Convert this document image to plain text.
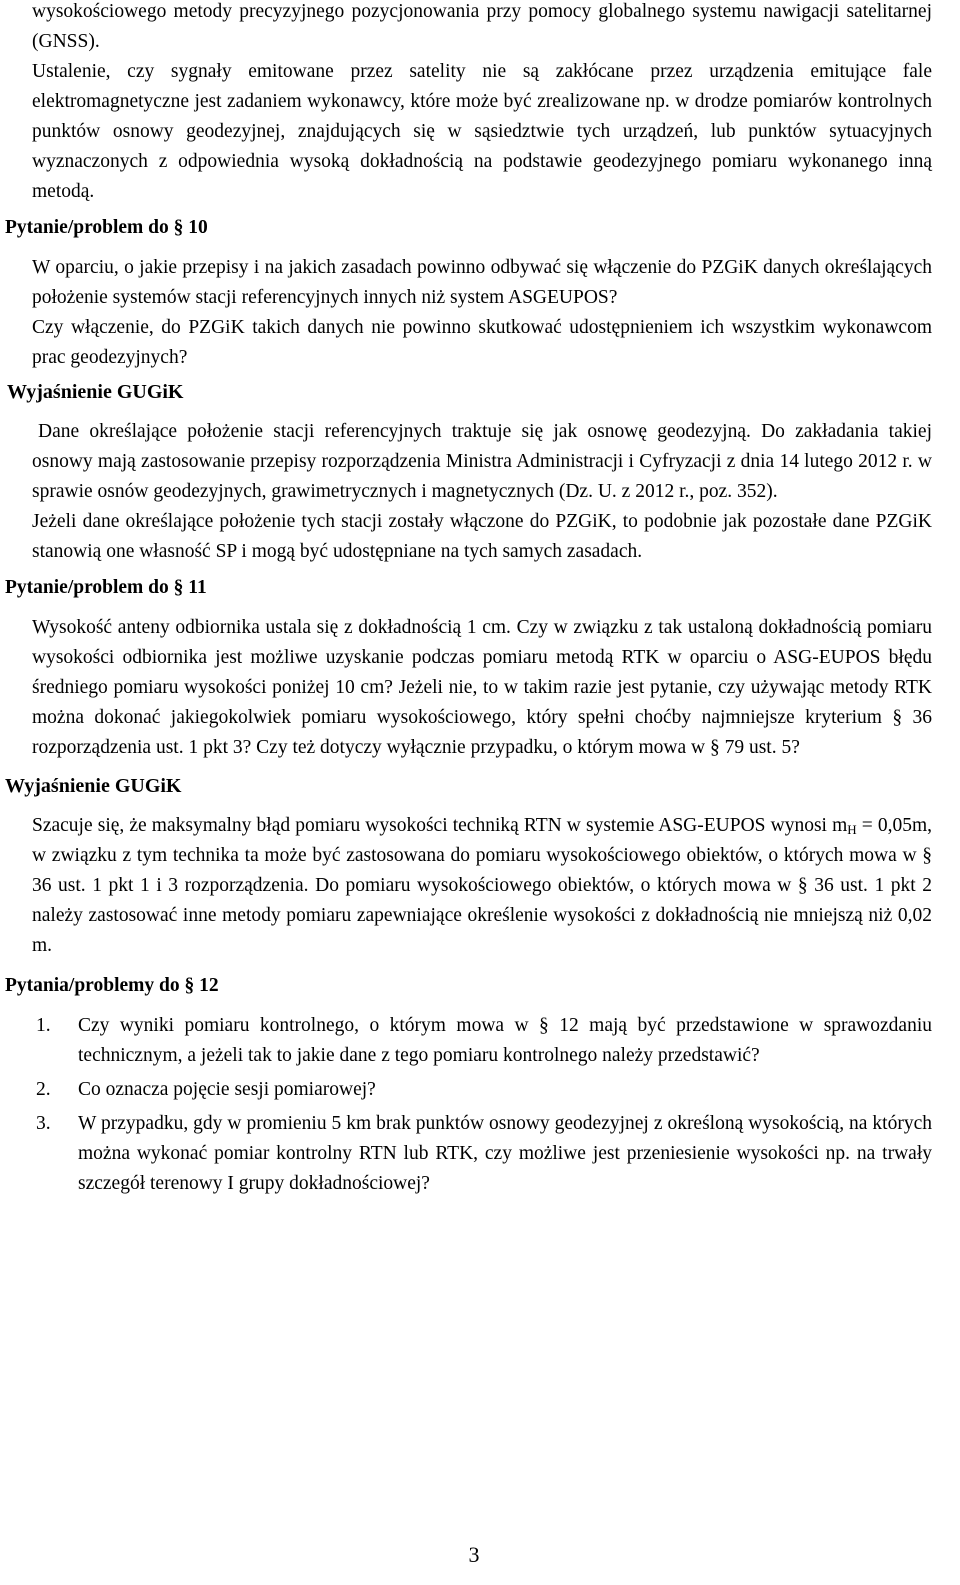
wysokościowego metody precyzyjnego pozycjonowania przy pomocy globalnego systemu nawigacji satelitarnej (GNSS).

Ustalenie, czy sygnały emitowane przez satelity nie są zakłócane przez urządzenia emitujące fale elektromagnetyczne jest zadaniem wykonawcy, które może być zrealizowane np. w drodze pomiarów kontrolnych punktów osnowy geodezyjnej, znajdujących się w sąsiedztwie tych urządzeń, lub punktów sytuacyjnych wyznaczonych z odpowiednia wysoką dokładnością na podstawie geodezyjnego pomiaru wykonanego inną metodą.

Pytanie/problem do § 10

W oparciu, o jakie przepisy i na jakich zasadach powinno odbywać się włączenie do PZGiK danych określających położenie systemów stacji referencyjnych innych niż system ASGEUPOS?

Czy włączenie, do PZGiK takich danych nie powinno skutkować udostępnieniem ich wszystkim wykonawcom prac geodezyjnych?

Wyjaśnienie GUGiK

Dane określające położenie stacji referencyjnych traktuje się jak osnowę geodezyjną. Do zakładania takiej osnowy mają zastosowanie przepisy rozporządzenia Ministra Administracji i Cyfryzacji z dnia 14 lutego 2012 r. w sprawie osnów geodezyjnych, grawimetrycznych i magnetycznych (Dz. U. z 2012 r., poz. 352).

Jeżeli dane określające położenie tych stacji zostały włączone do PZGiK, to podobnie jak pozostałe dane PZGiK stanowią one własność SP i mogą być udostępniane na tych samych zasadach.

Pytanie/problem do § 11

Wysokość anteny odbiornika ustala się z dokładnością 1 cm. Czy w związku z tak ustaloną dokładnością pomiaru wysokości odbiornika jest możliwe uzyskanie podczas pomiaru metodą RTK w oparciu o ASG-EUPOS błędu średniego pomiaru wysokości poniżej 10 cm? Jeżeli nie, to w takim razie jest pytanie, czy używając metody RTK można dokonać jakiegokolwiek pomiaru wysokościowego, który spełni choćby najmniejsze kryterium § 36 rozporządzenia ust. 1 pkt 3? Czy też dotyczy wyłącznie przypadku, o którym mowa w § 79 ust. 5?

Wyjaśnienie GUGiK

Szacuje się, że maksymalny błąd pomiaru wysokości techniką RTN w systemie ASG-EUPOS wynosi $m_H = 0,05m$, w związku z tym technika ta może być zastosowana do pomiaru wysokościowego obiektów, o których mowa w § 36 ust. 1 pkt 1 i 3 rozporządzenia. Do pomiaru wysokościowego obiektów, o których mowa w § 36 ust. 1 pkt 2 należy zastosować inne metody pomiaru zapewniające określenie wysokości z dokładnością nie mniejszą niż 0,02 m.

Pytania/problemy do § 12

1. Czy wyniki pomiaru kontrolnego, o którym mowa w § 12 mają być przedstawione w sprawozdaniu technicznym, a jeżeli tak to jakie dane z tego pomiaru kontrolnego należy przedstawić?
2. Co oznacza pojęcie sesji pomiarowej?
3. W przypadku, gdy w promieniu 5 km brak punktów osnowy geodezyjnej z określoną wysokością, na których można wykonać pomiar kontrolny RTN lub RTK, czy możliwe jest przeniesienie wysokości np. na trwały szczegół terenowy I grupy dokładnościowej?
3
